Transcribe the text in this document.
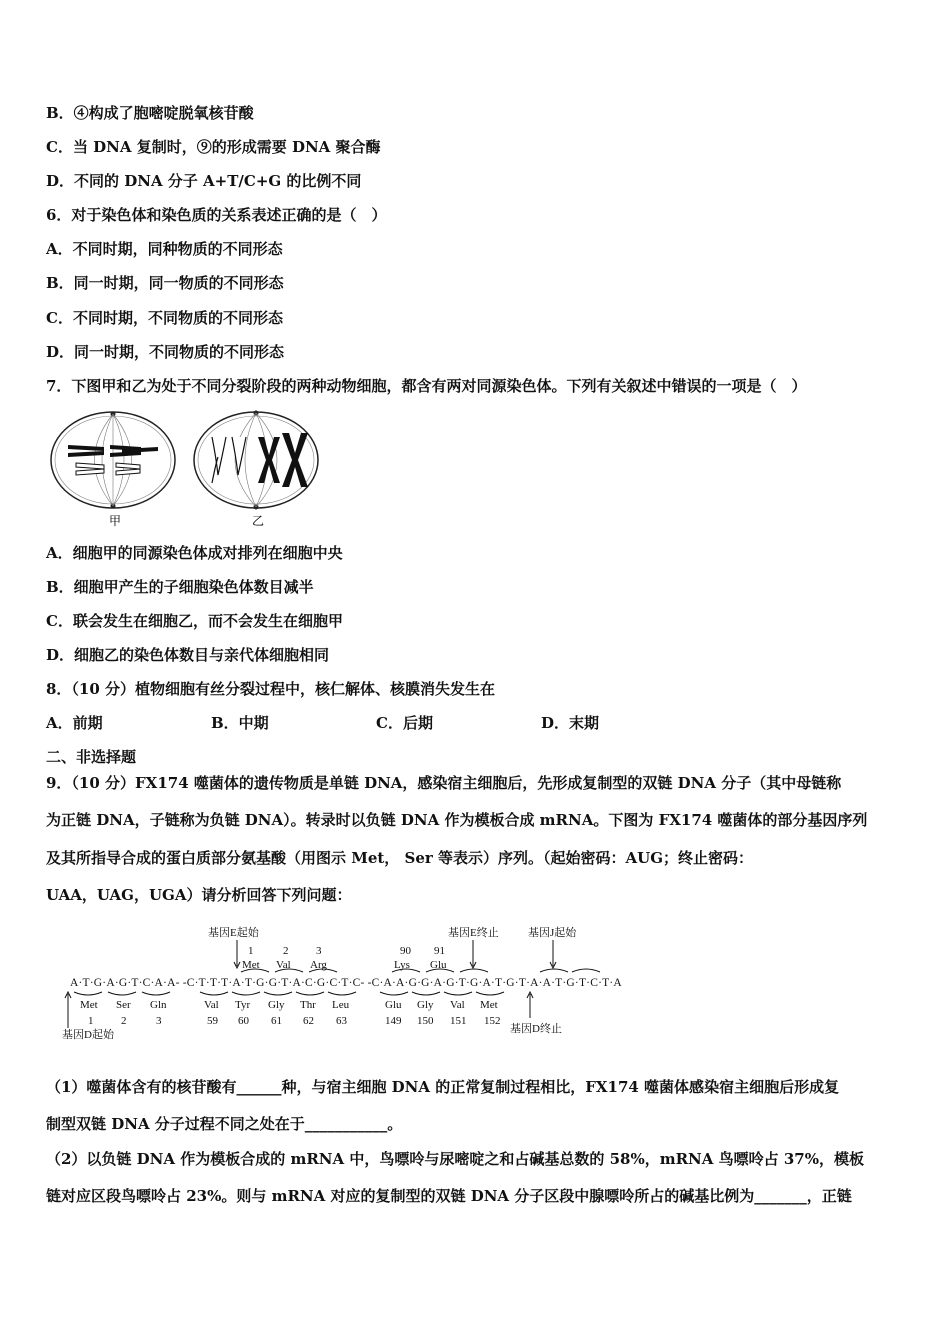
B．④构成了胞嘧啶脱氧核苷酸
C．当 DNA 复制时，⑨的形成需要 DNA 聚合酶
D．不同的 DNA 分子 A+T/C+G 的比例不同
6．对于染色体和染色质的关系表述正确的是（　）
A．不同时期，同种物质的不同形态
B．同一时期，同一物质的不同形态
C．不同时期，不同物质的不同形态
D．同一时期，不同物质的不同形态
7．下图甲和乙为处于不同分裂阶段的两种动物细胞，都含有两对同源染色体。下列有关叙述中错误的一项是（　）
甲	乙
A．细胞甲的同源染色体成对排列在细胞中央
B．细胞甲产生的子细胞染色体数目减半
C．联会发生在细胞乙，而不会发生在细胞甲
D．细胞乙的染色体数目与亲代体细胞相同
8．（10 分）植物细胞有丝分裂过程中，核仁解体、核膜消失发生在
A．前期	B．中期	C．后期	D．末期
二、非选择题
9．（10 分）FX174 噬菌体的遗传物质是单链 DNA，感染宿主细胞后，先形成复制型的双链 DNA 分子（其中母链称
为正链 DNA，子链称为负链 DNA）。转录时以负链 DNA 作为模板合成 mRNA。下图为 FX174 噬菌体的部分基因序列
及其所指导合成的蛋白质部分氨基酸（用图示 Met， Ser 等表示）序列。（起始密码：AUG；终止密码：
UAA，UAG，UGA）请分析回答下列问题：
基因E起始	基因E终止	基因J起始
1	2	3	90 91
Met Val Arg	Lys Glu
A·T·G·A·G·T·C·A·A- -C·T·T·T·A·T·G·G·T·A·C·G·C·T·C- -C·A·A·G·G·A·G·T·G·A·T·G·T·A·A·T·G·T·C·T·A
Met Ser Gln	Val Tyr Gly Thr Leu	Glu Gly Val Met
1	2	3	59 60 61 62 63	149 150 151 152
基因D起始	基因D终止
（1）噬菌体含有的核苷酸有______种，与宿主细胞 DNA 的正常复制过程相比，FX174 噬菌体感染宿主细胞后形成复
制型双链 DNA 分子过程不同之处在于___________。
（2）以负链 DNA 作为模板合成的 mRNA 中，鸟嘌呤与尿嘧啶之和占碱基总数的 58%，mRNA 鸟嘌呤占 37%，模板
链对应区段鸟嘌呤占 23%。则与 mRNA 对应的复制型的双链 DNA 分子区段中腺嘌呤所占的碱基比例为_______，正链
